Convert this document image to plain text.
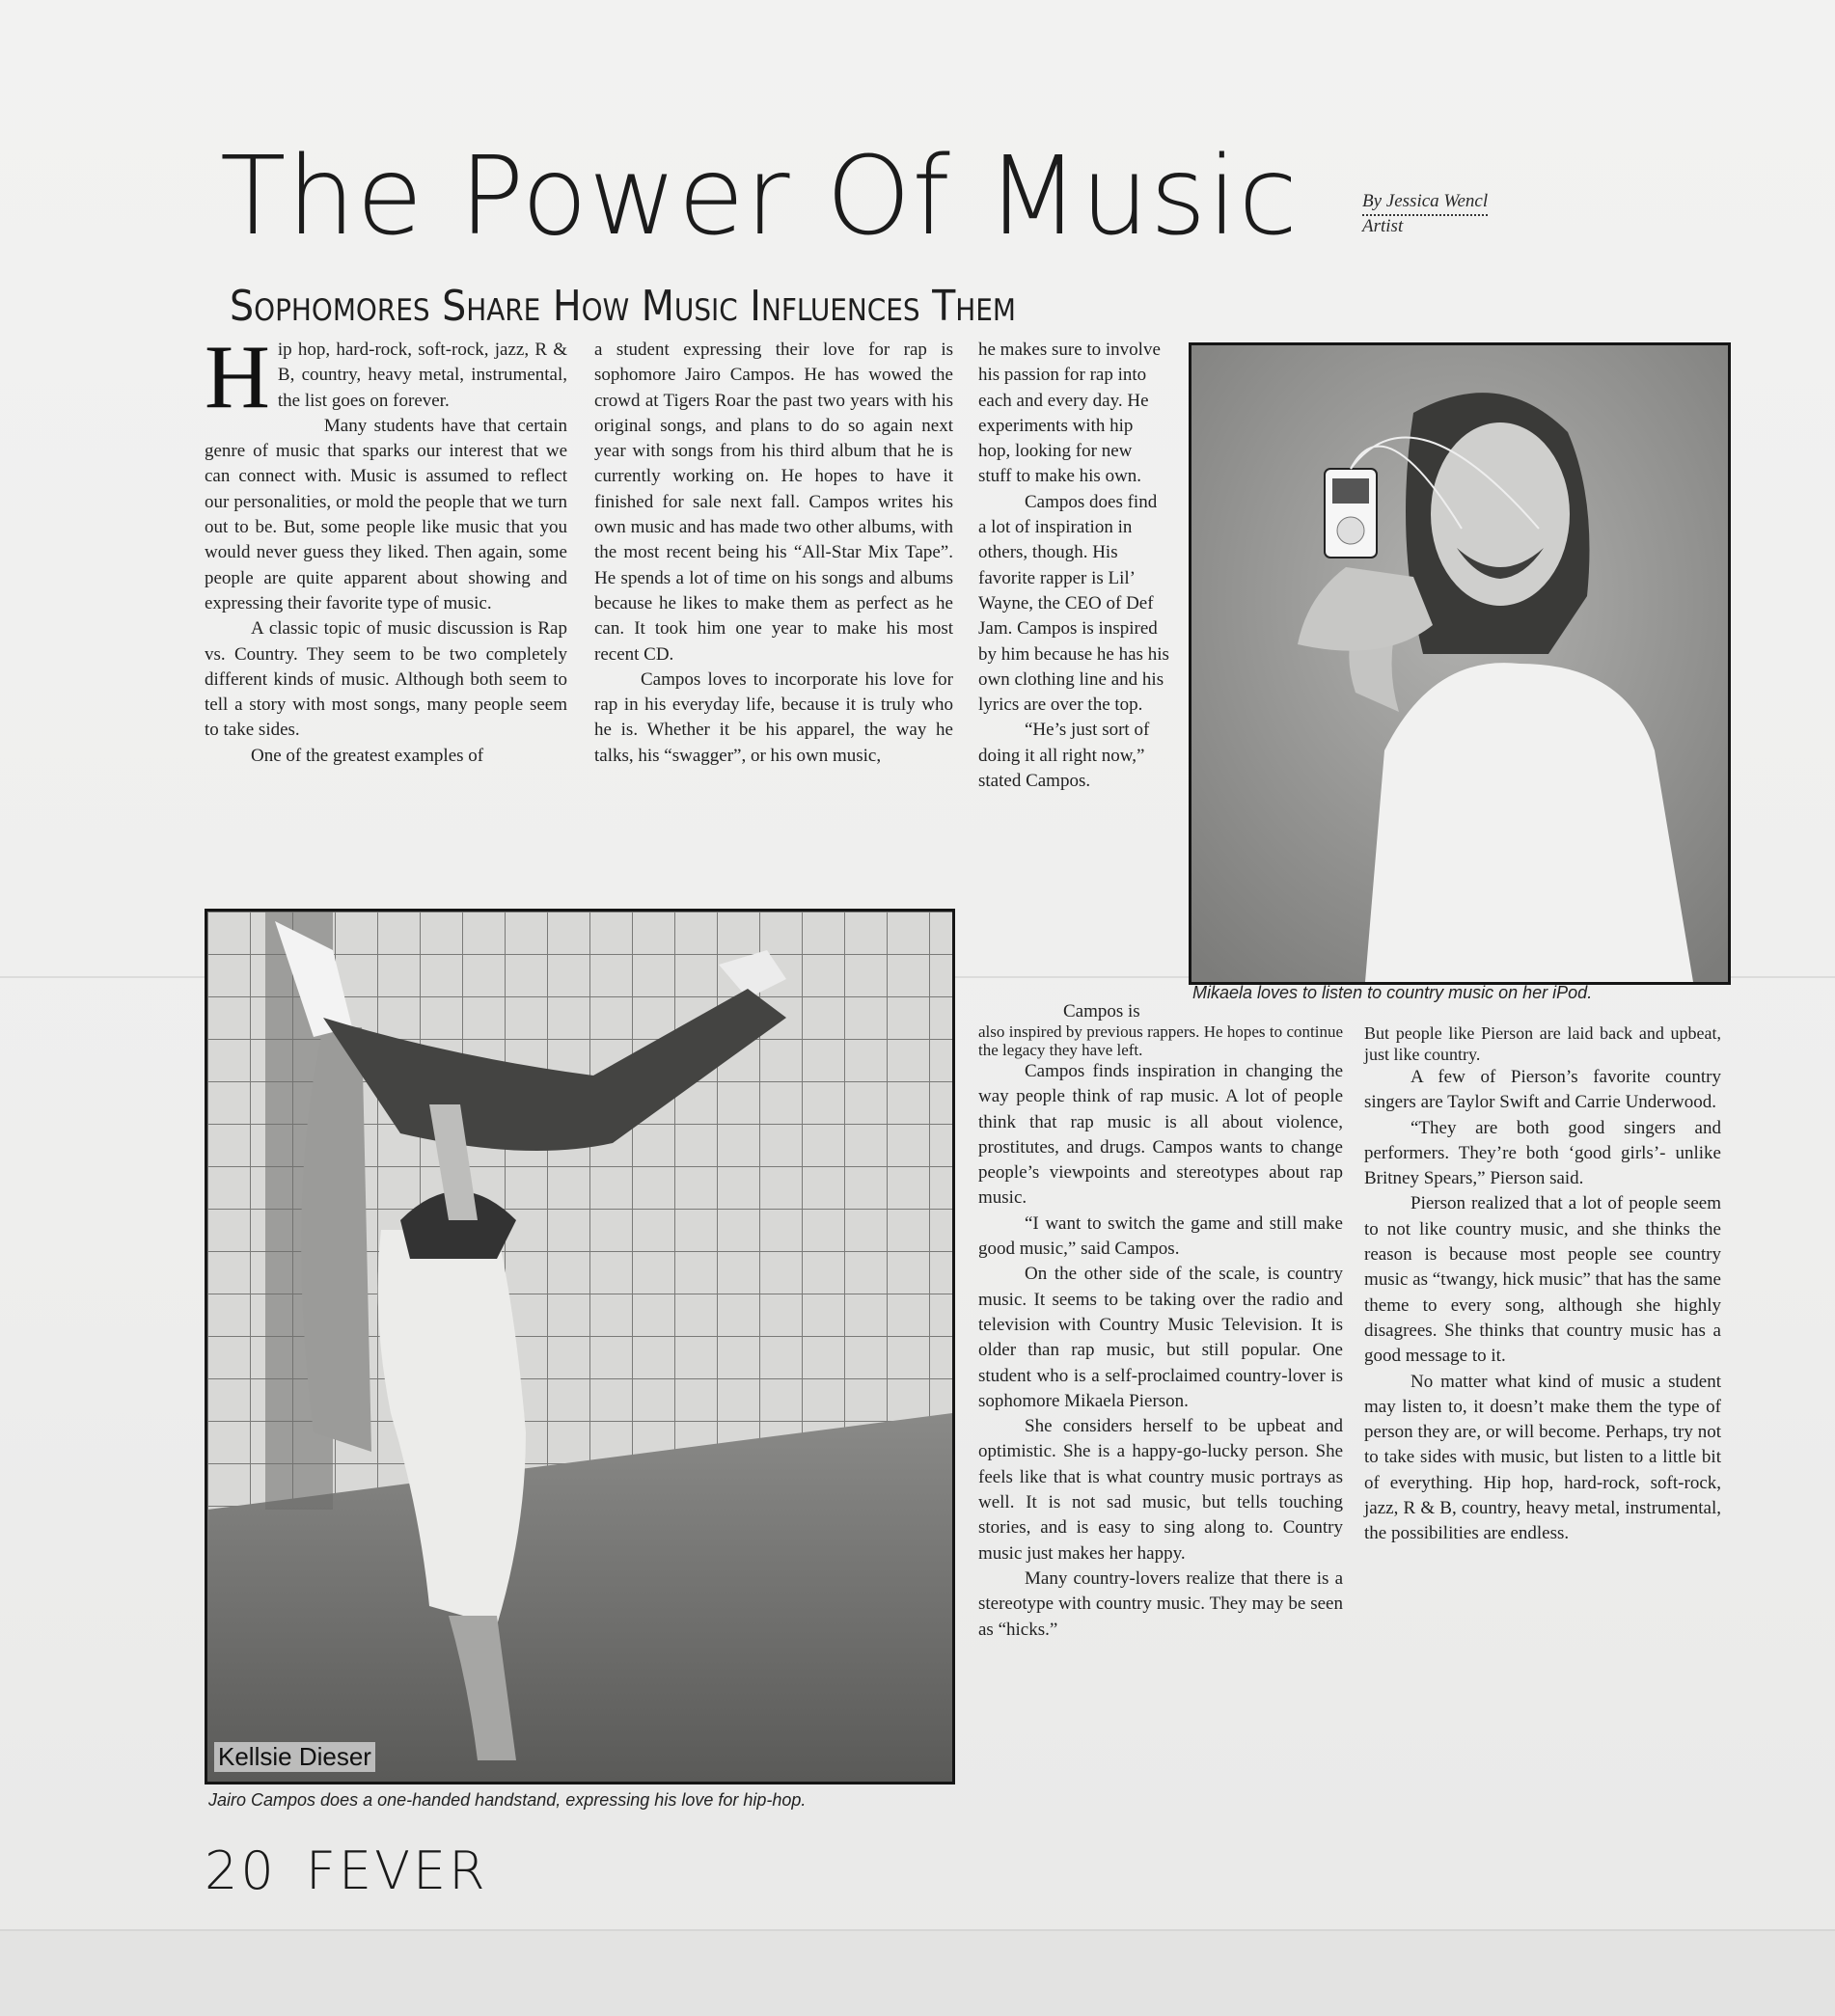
The Power Of Music
Sophomores Share How Music Influences Them
By Jessica Wencl
Artist

Hip hop, hard-rock, soft-rock, jazz, R & B, country, heavy metal, instrumental, the list goes on forever.

Many students have that certain genre of music that sparks our interest that we can connect with. Music is assumed to reflect our personalities, or mold the people that we turn out to be. But, some people like music that you would never guess they liked. Then again, some people are quite apparent about showing and expressing their favorite type of music.

A classic topic of music discussion is Rap vs. Country. They seem to be two completely different kinds of music. Although both seem to tell a story with most songs, many people seem to take sides.

One of the greatest examples of

a student expressing their love for rap is sophomore Jairo Campos. He has wowed the crowd at Tigers Roar the past two years with his original songs, and plans to do so again next year with songs from his third album that he is currently working on. He hopes to have it finished for sale next fall. Campos writes his own music and has made two other albums, with the most recent being his “All-Star Mix Tape”. He spends a lot of time on his songs and albums because he likes to make them as perfect as he can. It took him one year to make his most recent CD.

Campos loves to incorporate his love for rap in his everyday life, because it is truly who he is. Whether it be his apparel, the way he talks, his “swagger”, or his own music,

he makes sure to involve his passion for rap into each and every day. He experiments with hip hop, looking for new stuff to make his own.

Campos does find a lot of inspiration in others, though. His favorite rapper is Lil’ Wayne, the CEO of Def Jam. Campos is inspired by him because he has his own clothing line and his lyrics are over the top.

“He’s just sort of doing it all right now,” stated Campos.

Campos is

also inspired by previous rappers. He hopes to continue the legacy they have left.

Campos finds inspiration in changing the way people think of rap music. A lot of people think that rap music is all about violence, prostitutes, and drugs. Campos wants to change people’s viewpoints and stereotypes about rap music.

“I want to switch the game and still make good music,” said Campos.

On the other side of the scale, is country music. It seems to be taking over the radio and television with Country Music Television. It is older than rap music, but still popular. One student who is a self-proclaimed country-lover is sophomore Mikaela Pierson.

She considers herself to be upbeat and optimistic. She is a happy-go-lucky person. She feels like that is what country music portrays as well. It is not sad music, but tells touching stories, and is easy to sing along to. Country music just makes her happy.

Many country-lovers realize that there is a stereotype with country music. They may be seen as “hicks.”

But people like Pierson are laid back and upbeat, just like country.

A few of Pierson’s favorite country singers are Taylor Swift and Carrie Underwood.

“They are both good singers and performers. They’re both ‘good girls’- unlike Britney Spears,” Pierson said.

Pierson realized that a lot of people seem to not like country music, and she thinks the reason is because most people see country music as “twangy, hick music” that has the same theme to every song, although she highly disagrees. She thinks that country music has a good message to it.

No matter what kind of music a student may listen to, it doesn’t make them the type of person they are, or will become. Perhaps, try not to take sides with music, but listen to a little bit of everything. Hip hop, hard-rock, soft-rock, jazz, R & B, country, heavy metal, instrumental, the possibilities are endless.

Mikaela loves to listen to country music on her iPod.
Kellsie Dieser
Jairo Campos does a one-handed handstand, expressing his love for hip-hop.
20 FEVER
